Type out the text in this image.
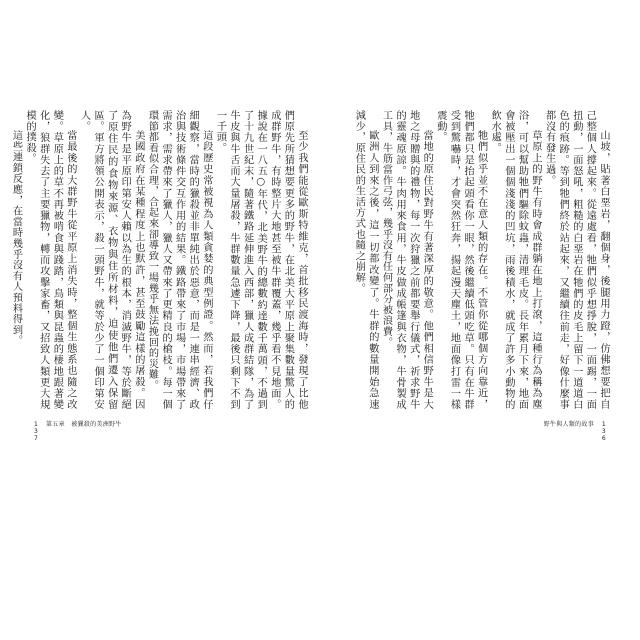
至少我們能從歐斯特維克，首批移民渡海時，發現了比他們原先所猜想要更多的野牛，在北美大平原上聚集數量驚人的成群野牛，有時整片大地甚至被牛群覆蓋，幾乎看不見地面。據說在一八五○年代，北美野牛的總數約達數千萬頭，不過到了十九世紀末，隨著鐵路延伸進入西部，獵人成群結隊，為了牛皮與牛舌而大量屠殺，牛群數量急遽下降，最後只剩下不到一千頭。

這段歷史常被視為人類貪婪的典型例證。然而，若我們仔細觀察，當時的獵殺並非單純出於惡意，而是一連串經濟、政治與技術條件交互作用的結果。鐵路帶來了市場，市場帶來了需求，需求帶來了獵人，獵人又帶來了更精良的槍枝。每一個環節都看似合理，合起來卻導致一場幾乎無法挽回的災難。

美國政府在某種程度上也默許，甚至鼓勵這樣的屠殺。因為野牛是平原印第安人賴以為生的根本，消滅野牛，等於斷絕了原住民的食物來源、衣物與住所材料，迫使他們遷入保留區。軍方將領公開表示，殺一頭野牛，就等於少了一個印第安人。

當最後的大群野牛從平原上消失時，整個生態系也隨之改變。草原上的草不再被啃食與踐踏，鳥類與昆蟲的棲地跟著變化，狼群失去了主要獵物，轉而攻擊家畜，又招致人類更大規模的撲殺。

這些連鎖反應，在當時幾乎沒有人預料得到。	山坡，貼著白堊岩，翻個身，後腿用力蹬，仿佛想要把自己整個人撐起來。從遠處看，牠們似乎想掙脫，一面踢，一面扭動，一面怒吼，粗糙的白堊岩在牠們的皮毛上留下一道道白色的痕跡。等到牠們終於站起來，又繼續往前走，好像什麼事都沒有發生過。

草原上的野牛有時會成群躺在地上打滾，這種行為稱為塵浴，可以幫助牠們驅除蚊蟲，清理毛皮。長年累月下來，地面會被壓出一個個淺淺的凹坑，雨後積水，就成了許多小動物的飲水處。

牠們似乎並不在意人類的存在。不管你從哪個方向靠近，牠們都只是抬起頭看你一眼，然後繼續低頭吃草。只有在牛群受到驚嚇時，才會突然狂奔，揚起漫天塵土，地面像打雷一樣震動。

當地的原住民對野牛有著深厚的敬意。他們相信野牛是大地之母贈與的禮物，每一次狩獵之前都要舉行儀式，祈求野牛的靈魂原諒。牛肉用來食用，牛皮做成帳篷與衣物，牛骨製成工具，牛筋當作弓弦，幾乎沒有任何部分被浪費。

歐洲人到來之後，這一切都改變了。牛群的數量開始急速減少，原住民的生活方式也隨之崩解。

137第五章　被獵殺的美洲野牛	野牛與人類的故事 136
